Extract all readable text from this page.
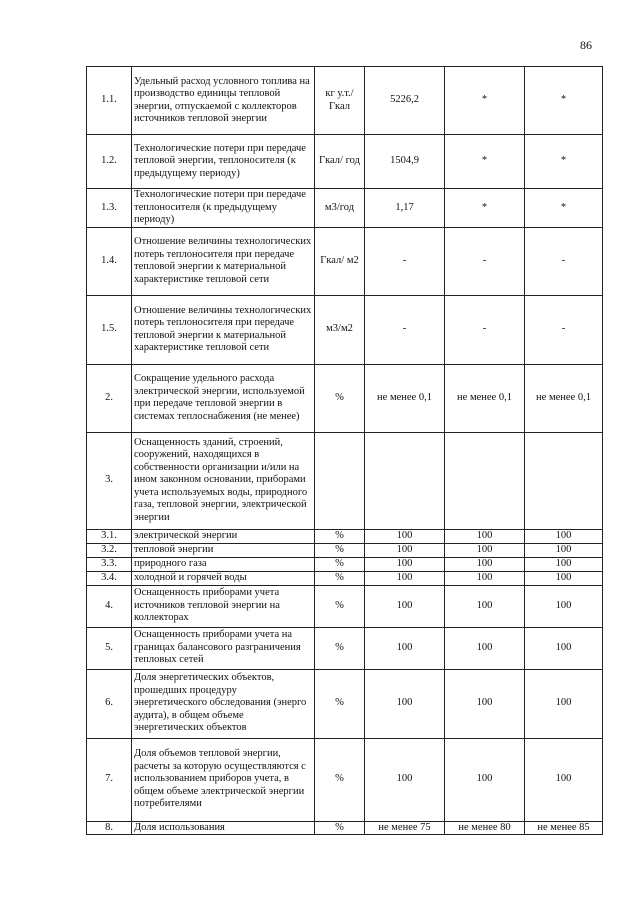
86
1.1.	Удельный расход условного топлива на производство единицы тепловой энергии, отпускаемой с коллекторов источников тепловой энергии	кг у.т./ Гкал	5226,2	*	*
1.2.	Технологические потери при передаче тепловой энергии, теплоносителя (к предыдущему периоду)	Гкал/ год	1504,9	*	*
1.3.	Технологические потери при передаче теплоносителя (к предыдущему периоду)	м3/год	1,17	*	*
1.4.	Отношение величины технологических потерь теплоносителя при передаче тепловой энергии к материальной характеристике тепловой сети	Гкал/ м2	-	-	-
1.5.	Отношение величины технологических потерь теплоносителя при передаче тепловой энергии к материальной характеристике тепловой сети	м3/м2	-	-	-
2.	Сокращение удельного расхода электрической энергии, используемой при передаче тепловой энергии в системах теплоснабжения (не менее)	%	не менее 0,1	не менее 0,1	не менее 0,1
3.	Оснащенность зданий, строений, сооружений, находящихся в собственности организации и/или на ином законном основании, приборами учета используемых воды, природного газа, тепловой энергии, электрической энергии				
3.1.	электрической энергии	%	100	100	100
3.2.	тепловой энергии	%	100	100	100
3.3.	природного газа	%	100	100	100
3.4.	холодной и горячей воды	%	100	100	100
4.	Оснащенность приборами учета источников тепловой энергии на коллекторах	%	100	100	100
5.	Оснащенность приборами учета на границах балансового разграничения тепловых сетей	%	100	100	100
6.	Доля энергетических объектов, прошедших процедуру энергетического обследования (энерго аудита), в общем объеме энергетических объектов	%	100	100	100
7.	Доля объемов тепловой энергии, расчеты за которую осуществляются с использованием приборов учета, в общем объеме электрической энергии потребителями	%	100	100	100
8.	Доля использования	%	не менее 75	не менее 80	не менее 85
